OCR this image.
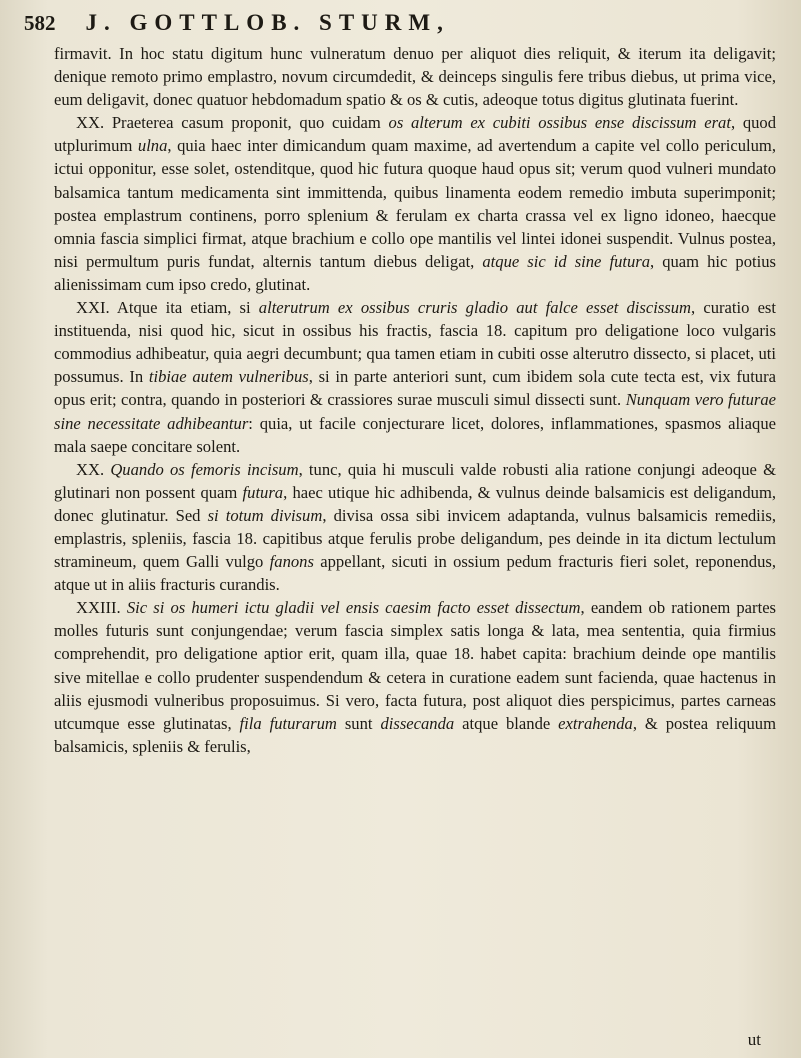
582 J. GOTTLOB. STURM,

firmavit. In hoc statu digitum hunc vulneratum denuo per aliquot dies reliquit, & iterum ita deligavit; denique remoto primo emplastro, novum circumdedit, & deinceps singulis fere tribus diebus, ut prima vice, eum deligavit, donec quatuor hebdomadum spatio & os & cutis, adeoque totus digitus glutinata fuerint.

XX. Praeterea casum proponit, quo cuidam os alterum ex cubiti ossibus ense discissum erat, quod utplurimum ulna, quia haec inter dimicandum quam maxime, ad avertendum a capite vel collo periculum, ictui opponitur, esse solet, ostenditque, quod hic futura quoque haud opus sit; verum quod vulneri mundato balsamica tantum medicamenta sint immittenda, quibus linamenta eodem remedio imbuta superimponit; postea emplastrum continens, porro splenium & ferulam ex charta crassa vel ex ligno idoneo, haecque omnia fascia simplici firmat, atque brachium e collo ope mantilis vel lintei idonei suspendit. Vulnus postea, nisi permultum puris fundat, alternis tantum diebus deligat, atque sic id sine futura, quam hic potius alienissimam cum ipso credo, glutinat.

XXI. Atque ita etiam, si alterutrum ex ossibus cruris gladio aut falce esset discissum, curatio est instituenda, nisi quod hic, sicut in ossibus his fractis, fascia 18. capitum pro deligatione loco vulgaris commodius adhibeatur, quia aegri decumbunt; qua tamen etiam in cubiti osse alterutro dissecto, si placet, uti possumus. In tibiae autem vulneribus, si in parte anteriori sunt, cum ibidem sola cute tecta est, vix futura opus erit; contra, quando in posteriori & crassiores surae musculi simul dissecti sunt. Nunquam vero futurae sine necessitate adhibeantur: quia, ut facile conjecturare licet, dolores, inflammationes, spasmos aliaque mala saepe concitare solent.

XX. Quando os femoris incisum, tunc, quia hi musculi valde robusti alia ratione conjungi adeoque & glutinari non possent quam futura, haec utique hic adhibenda, & vulnus deinde balsamicis est deligandum, donec glutinatur. Sed si totum divisum, divisa ossa sibi invicem adaptanda, vulnus balsamicis remediis, emplastris, spleniis, fascia 18. capitibus atque ferulis probe deligandum, pes deinde in ita dictum lectulum stramineum, quem Galli vulgo fanons appellant, sicuti in ossium pedum fracturis fieri solet, reponendus, atque ut in aliis fracturis curandis.

XXIII. Sic si os humeri ictu gladii vel ensis caesim facto esset dissectum, eandem ob rationem partes molles futuris sunt conjungendae; verum fascia simplex satis longa & lata, mea sententia, quia firmius comprehendit, pro deligatione aptior erit, quam illa, quae 18. habet capita: brachium deinde ope mantilis sive mitellae e collo prudenter suspendendum & cetera in curatione eadem sunt facienda, quae hactenus in aliis ejusmodi vulneribus proposuimus. Si vero, facta futura, post aliquot dies perspicimus, partes carneas utcumque esse glutinatas, fila futurarum sunt dissecanda atque blande extrahenda, & postea reliquum balsamicis, spleniis & ferulis,

ut
